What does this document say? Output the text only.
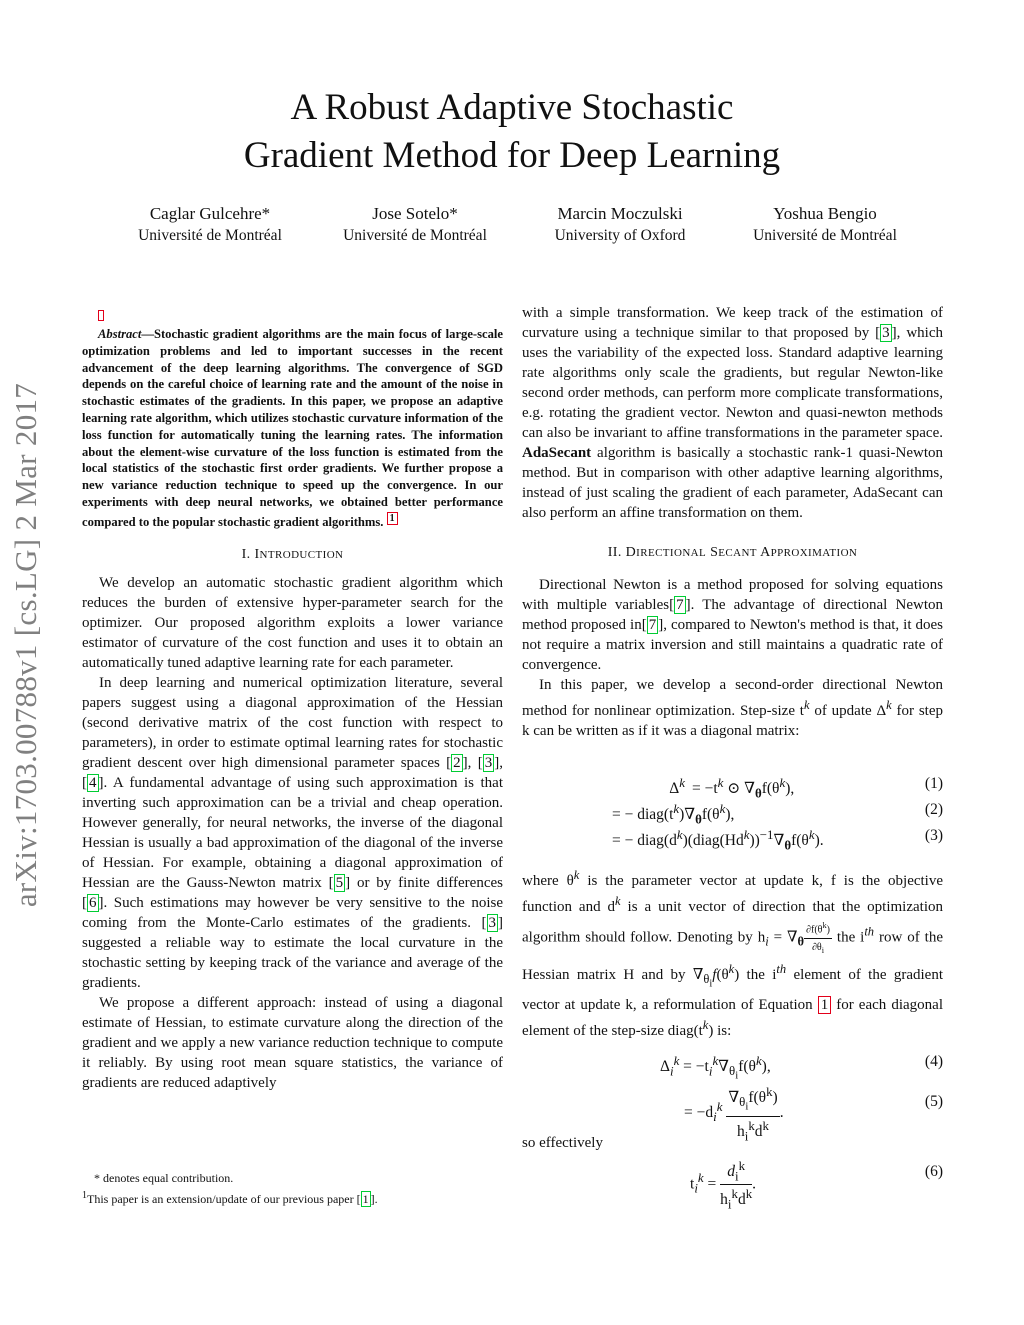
arXiv:1703.00788v1 [cs.LG] 2 Mar 2017
A Robust Adaptive Stochastic
Gradient Method for Deep Learning
Caglar Gulcehre*
Université de Montréal
Jose Sotelo*
Université de Montréal
Marcin Moczulski
University of Oxford
Yoshua Bengio
Université de Montréal

Abstract—Stochastic gradient algorithms are the main focus of large-scale optimization problems and led to important successes in the recent advancement of the deep learning algorithms. The convergence of SGD depends on the careful choice of learning rate and the amount of the noise in stochastic estimates of the gradients. In this paper, we propose an adaptive learning rate algorithm, which utilizes stochastic curvature information of the loss function for automatically tuning the learning rates. The information about the element-wise curvature of the loss function is estimated from the local statistics of the stochastic first order gradients. We further propose a new variance reduction technique to speed up the convergence. In our experiments with deep neural networks, we obtained better performance compared to the popular stochastic gradient algorithms. $^1$

I. INTRODUCTION

We develop an automatic stochastic gradient algorithm which reduces the burden of extensive hyper-parameter search for the optimizer. Our proposed algorithm exploits a lower variance estimator of curvature of the cost function and uses it to obtain an automatically tuned adaptive learning rate for each parameter.

In deep learning and numerical optimization literature, several papers suggest using a diagonal approximation of the Hessian (second derivative matrix of the cost function with respect to parameters), in order to estimate optimal learning rates for stochastic gradient descent over high dimensional parameter spaces [ 2 ], [ 3 ], [ 4 ]. A fundamental advantage of using such approximation is that inverting such approximation can be a trivial and cheap operation. However generally, for neural networks, the inverse of the diagonal Hessian is usually a bad approximation of the diagonal of the inverse of Hessian. For example, obtaining a diagonal approximation of Hessian are the Gauss-Newton matrix [ 5 ] or by finite differences [ 6 ]. Such estimations may however be very sensitive to the noise coming from the Monte-Carlo estimates of the gradients. [ 3 ] suggested a reliable way to estimate the local curvature in the stochastic setting by keeping track of the variance and average of the gradients.

We propose a different approach: instead of using a diagonal estimate of Hessian, to estimate curvature along the direction of the gradient and we apply a new variance reduction technique to compute it reliably. By using root mean square statistics, the variance of gradients are reduced adaptively

* denotes equal contribution.

$^1$This paper is an extension/update of our previous paper [ 1 ].

with a simple transformation. We keep track of the estimation of curvature using a technique similar to that proposed by [ 3 ], which uses the variability of the expected loss. Standard adaptive learning rate algorithms only scale the gradients, but regular Newton-like second order methods, can perform more complicate transformations, e.g. rotating the gradient vector. Newton and quasi-newton methods can also be invariant to affine transformations in the parameter space. AdaSecant algorithm is basically a stochastic rank-1 quasi-Newton method. But in comparison with other adaptive learning algorithms, instead of just scaling the gradient of each parameter, AdaSecant can also perform an affine transformation on them.

II. DIRECTIONAL SECANT APPROXIMATION

Directional Newton is a method proposed for solving equations with multiple variables[ 7 ]. The advantage of directional Newton method proposed in[ 7 ], compared to Newton's method is that, it does not require a matrix inversion and still maintains a quadratic rate of convergence.

In this paper, we develop a second-order directional Newton method for nonlinear optimization. Step-size $t^k$ of update $\Delta^k$ for step k can be written as if it was a diagonal matrix:

$\Delta^k = -t^k$ ⊙ $\nabla_\theta f(\theta^k)$,	(1)
= − $diag(t^k)\nabla_\theta f(\theta^k)$,	(2)
= − $diag(d^k)(diag(Hd^k))^{-1}\nabla_\theta f(\theta^k)$.	(3)

where $\theta^k$ is the parameter vector at update k, f is the objective function and $d^k$ is a unit vector of direction that the optimization algorithm should follow. Denoting by $h_i = \nabla_\theta \frac{\partial f(\theta^k)}{\partial\theta_i}$ the $i^{th}$ row of the Hessian matrix H and by $\nabla_{\theta_i}f(\theta^k)$ the $i^{th}$ element of the gradient vector at update k, a reformulation of Equation 1 for each diagonal element of the step-size $diag(t^k)$ is:

$\Delta_i^k = -t_i^k\nabla_{\theta_i}f(\theta^k)$,	(4)
= $-d_i^k \frac{\nabla_{\theta_i}f(\theta^k)}{h_i^kd^k}$ .
(5)

so effectively

$t_i^k = \frac{d_i^k}{h_i^kd^k}$ .
(6)
